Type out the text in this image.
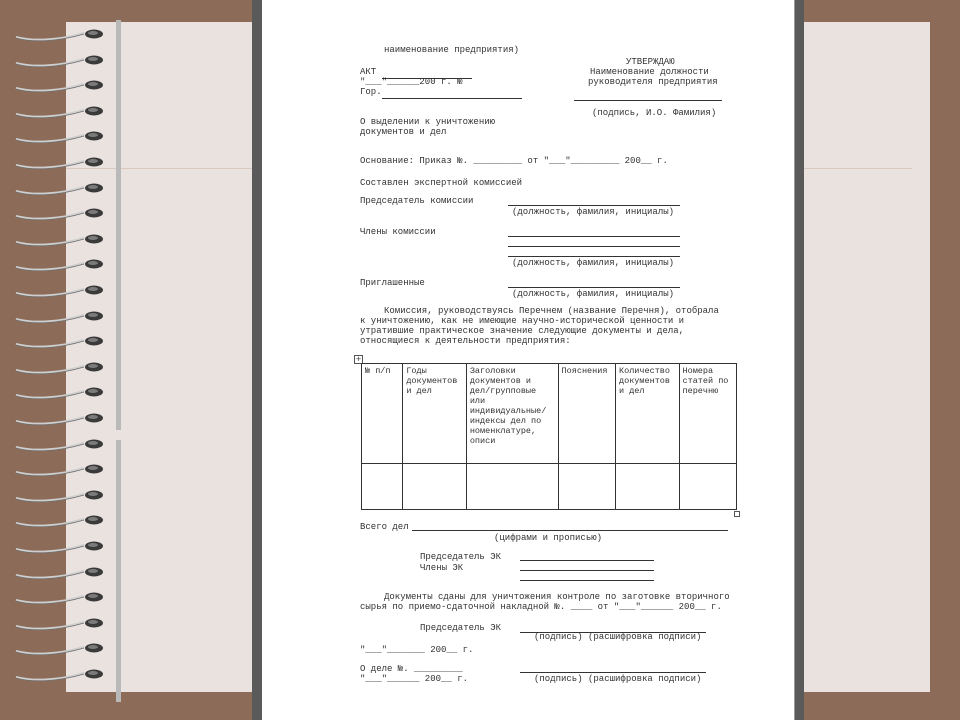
наименование предприятия)
АКТ
"___"______200 г. №
Гор.
УТВЕРЖДАЮ
Наименование должности
руководителя предприятия
(подпись, И.О. Фамилия)
О выделении к уничтожению
документов и дел
Основание: Приказ №. _________ от "___"_________ 200__ г.
Составлен экспертной комиссией
Председатель комиссии
(должность, фамилия, инициалы)
Члены комиссии
(должность, фамилия, инициалы)
Приглашенные
(должность, фамилия, инициалы)
Комиссия, руководствуясь Перечнем (название Перечня), отобрала
к уничтожению, как не имеющие научно-исторической ценности и
утратившие практическое значение следующие документы и дела,
относящиеся к деятельности предприятия:
+
№ п/п	Годы документов и дел	Заголовки документов и дел/групповые или индивидуальные/ индексы дел по номенклатуре, описи	Пояснения	Количество документов и дел	Номера статей по перечню

Всего дел
(цифрами и прописью)
Председатель ЭК
Члены ЭК
Документы сданы для уничтожения контроле по заготовке вторичного
сырья по приемо-сдаточной накладной №. ____ от "___"______ 200__ г.
Председатель ЭК
(подпись) (расшифровка подписи)
"___"_______ 200__ г.
О деле №. _________
"___"______ 200__ г.	(подпись) (расшифровка подписи)
